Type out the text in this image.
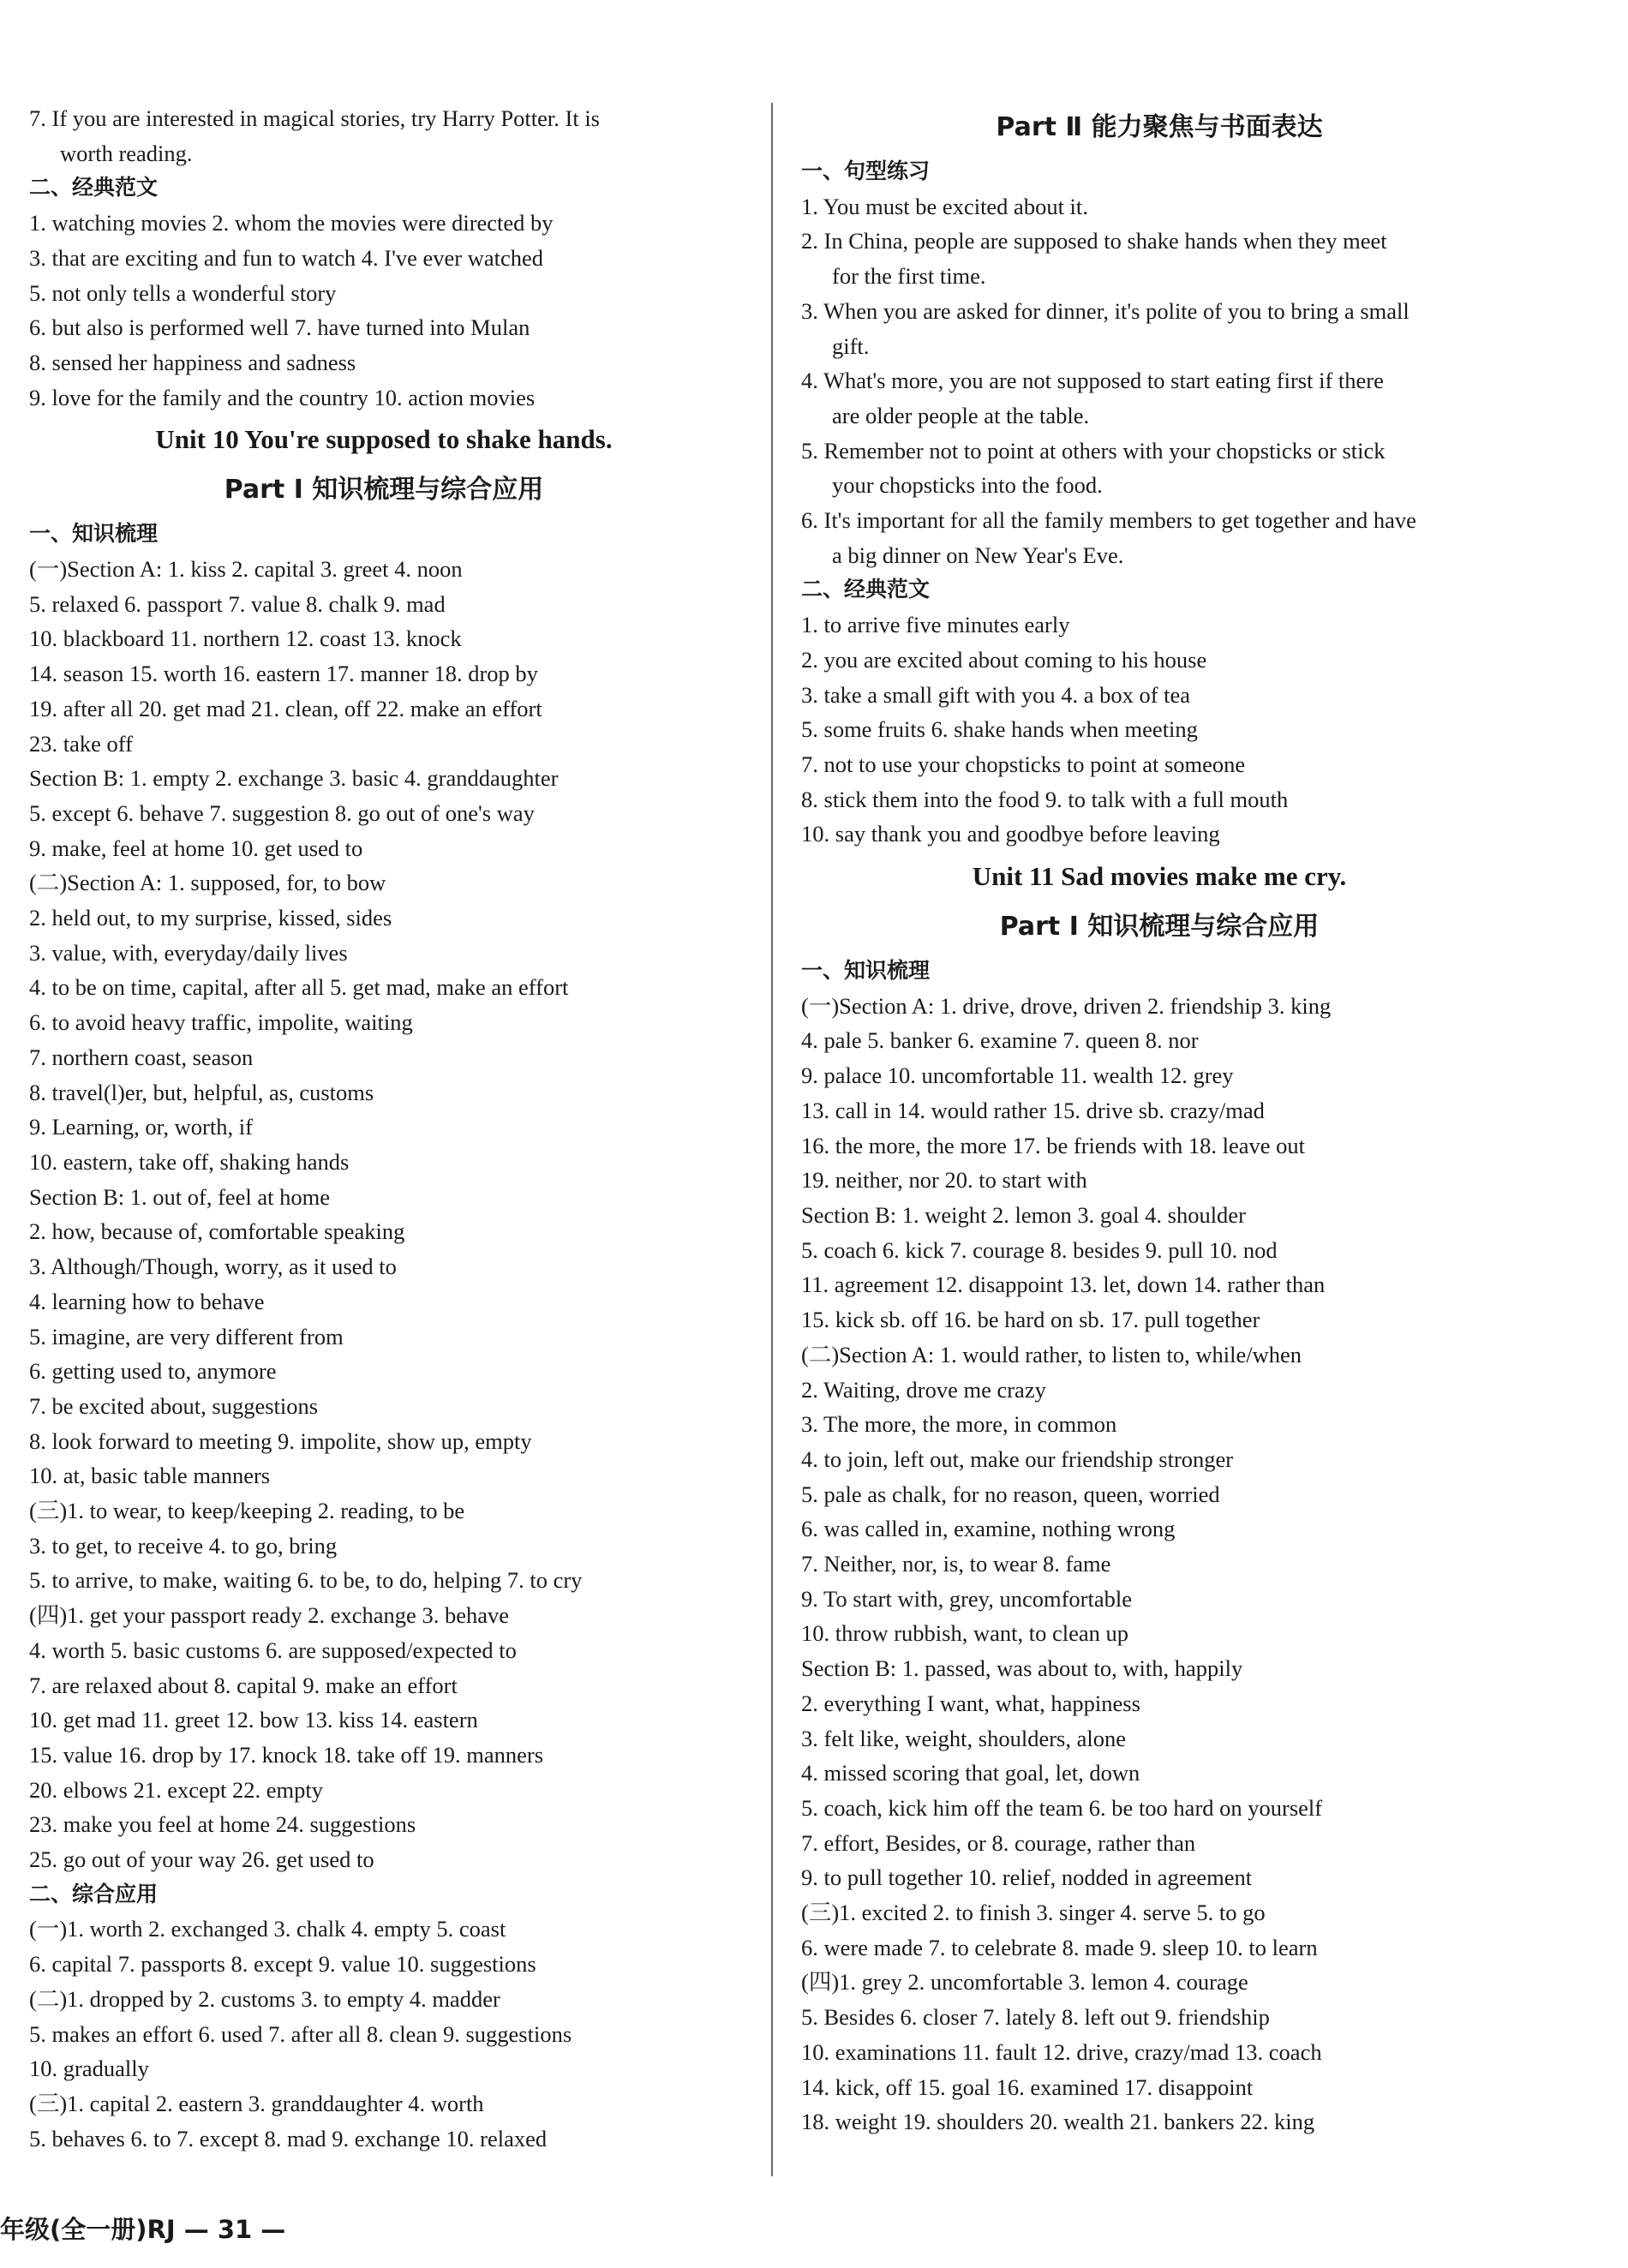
7. If you are interested in magical stories, try Harry Potter. It is
worth reading.
二、经典范文
1. watching movies 2. whom the movies were directed by
3. that are exciting and fun to watch 4. I've ever watched
5. not only tells a wonderful story
6. but also is performed well 7. have turned into Mulan
8. sensed her happiness and sadness
9. love for the family and the country 10. action movies
Unit 10 You're supposed to shake hands.
Part Ⅰ 知识梳理与综合应用
一、知识梳理
(一)Section A: 1. kiss 2. capital 3. greet 4. noon
5. relaxed 6. passport 7. value 8. chalk 9. mad
10. blackboard 11. northern 12. coast 13. knock
14. season 15. worth 16. eastern 17. manner 18. drop by
19. after all 20. get mad 21. clean, off 22. make an effort
23. take off
Section B: 1. empty 2. exchange 3. basic 4. granddaughter
5. except 6. behave 7. suggestion 8. go out of one's way
9. make, feel at home 10. get used to
(二)Section A: 1. supposed, for, to bow
2. held out, to my surprise, kissed, sides
3. value, with, everyday/daily lives
4. to be on time, capital, after all 5. get mad, make an effort
6. to avoid heavy traffic, impolite, waiting
7. northern coast, season
8. travel(l)er, but, helpful, as, customs
9. Learning, or, worth, if
10. eastern, take off, shaking hands
Section B: 1. out of, feel at home
2. how, because of, comfortable speaking
3. Although/Though, worry, as it used to
4. learning how to behave
5. imagine, are very different from
6. getting used to, anymore
7. be excited about, suggestions
8. look forward to meeting 9. impolite, show up, empty
10. at, basic table manners
(三)1. to wear, to keep/keeping 2. reading, to be
3. to get, to receive 4. to go, bring
5. to arrive, to make, waiting 6. to be, to do, helping 7. to cry
(四)1. get your passport ready 2. exchange 3. behave
4. worth 5. basic customs 6. are supposed/expected to
7. are relaxed about 8. capital 9. make an effort
10. get mad 11. greet 12. bow 13. kiss 14. eastern
15. value 16. drop by 17. knock 18. take off 19. manners
20. elbows 21. except 22. empty
23. make you feel at home 24. suggestions
25. go out of your way 26. get used to
二、综合应用
(一)1. worth 2. exchanged 3. chalk 4. empty 5. coast
6. capital 7. passports 8. except 9. value 10. suggestions
(二)1. dropped by 2. customs 3. to empty 4. madder
5. makes an effort 6. used 7. after all 8. clean 9. suggestions
10. gradually
(三)1. capital 2. eastern 3. granddaughter 4. worth
5. behaves 6. to 7. except 8. mad 9. exchange 10. relaxed
Part Ⅱ 能力聚焦与书面表达
一、句型练习
1. You must be excited about it.
2. In China, people are supposed to shake hands when they meet
for the first time.
3. When you are asked for dinner, it's polite of you to bring a small
gift.
4. What's more, you are not supposed to start eating first if there
are older people at the table.
5. Remember not to point at others with your chopsticks or stick
your chopsticks into the food.
6. It's important for all the family members to get together and have
a big dinner on New Year's Eve.
二、经典范文
1. to arrive five minutes early
2. you are excited about coming to his house
3. take a small gift with you 4. a box of tea
5. some fruits 6. shake hands when meeting
7. not to use your chopsticks to point at someone
8. stick them into the food 9. to talk with a full mouth
10. say thank you and goodbye before leaving
Unit 11 Sad movies make me cry.
Part Ⅰ 知识梳理与综合应用
一、知识梳理
(一)Section A: 1. drive, drove, driven 2. friendship 3. king
4. pale 5. banker 6. examine 7. queen 8. nor
9. palace 10. uncomfortable 11. wealth 12. grey
13. call in 14. would rather 15. drive sb. crazy/mad
16. the more, the more 17. be friends with 18. leave out
19. neither, nor 20. to start with
Section B: 1. weight 2. lemon 3. goal 4. shoulder
5. coach 6. kick 7. courage 8. besides 9. pull 10. nod
11. agreement 12. disappoint 13. let, down 14. rather than
15. kick sb. off 16. be hard on sb. 17. pull together
(二)Section A: 1. would rather, to listen to, while/when
2. Waiting, drove me crazy
3. The more, the more, in common
4. to join, left out, make our friendship stronger
5. pale as chalk, for no reason, queen, worried
6. was called in, examine, nothing wrong
7. Neither, nor, is, to wear 8. fame
9. To start with, grey, uncomfortable
10. throw rubbish, want, to clean up
Section B: 1. passed, was about to, with, happily
2. everything I want, what, happiness
3. felt like, weight, shoulders, alone
4. missed scoring that goal, let, down
5. coach, kick him off the team 6. be too hard on yourself
7. effort, Besides, or 8. courage, rather than
9. to pull together 10. relief, nodded in agreement
(三)1. excited 2. to finish 3. singer 4. serve 5. to go
6. were made 7. to celebrate 8. made 9. sleep 10. to learn
(四)1. grey 2. uncomfortable 3. lemon 4. courage
5. Besides 6. closer 7. lately 8. left out 9. friendship
10. examinations 11. fault 12. drive, crazy/mad 13. coach
14. kick, off 15. goal 16. examined 17. disappoint
18. weight 19. shoulders 20. wealth 21. bankers 22. king
年级(全一册)RJ — 31 —
